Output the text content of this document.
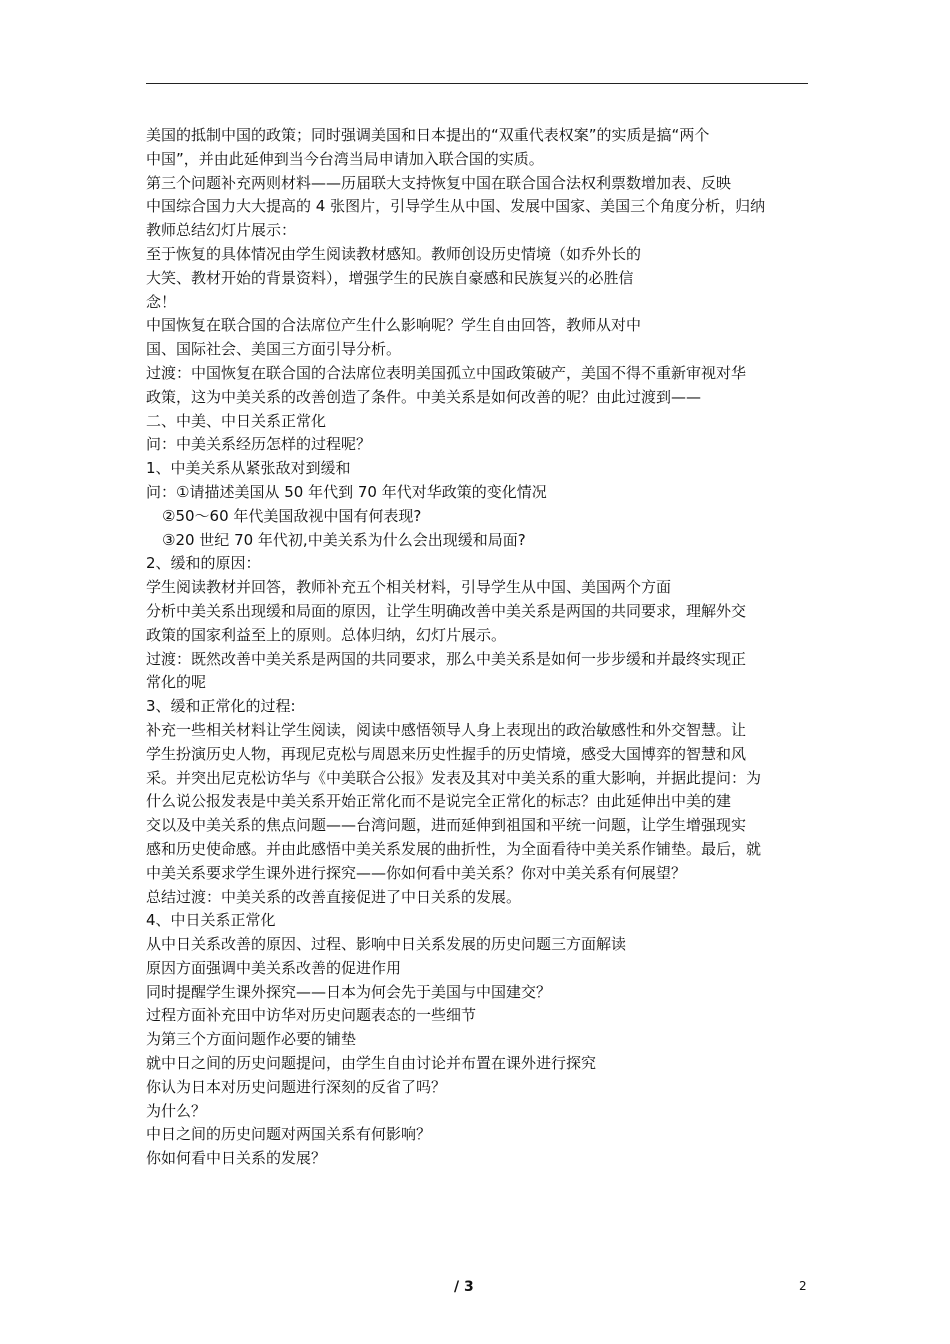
美国的抵制中国的政策；同时强调美国和日本提出的“双重代表权案”的实质是搞“两个
中国”，并由此延伸到当今台湾当局申请加入联合国的实质。
第三个问题补充两则材料——历届联大支持恢复中国在联合国合法权利票数增加表、反映
中国综合国力大大提高的 4 张图片，引导学生从中国、发展中国家、美国三个角度分析，归纳
教师总结幻灯片展示：
至于恢复的具体情况由学生阅读教材感知。教师创设历史情境（如乔外长的
大笑、教材开始的背景资料），增强学生的民族自豪感和民族复兴的必胜信
念！
中国恢复在联合国的合法席位产生什么影响呢？学生自由回答，教师从对中
国、国际社会、美国三方面引导分析。
过渡：中国恢复在联合国的合法席位表明美国孤立中国政策破产，美国不得不重新审视对华
政策，这为中美关系的改善创造了条件。中美关系是如何改善的呢？由此过渡到——
二、中美、中日关系正常化
问：中美关系经历怎样的过程呢？
1、中美关系从紧张敌对到缓和
问：①请描述美国从 50 年代到 70 年代对华政策的变化情况
②50～60 年代美国敌视中国有何表现?
③20 世纪 70 年代初,中美关系为什么会出现缓和局面?
2、缓和的原因：
学生阅读教材并回答，教师补充五个相关材料，引导学生从中国、美国两个方面
分析中美关系出现缓和局面的原因，让学生明确改善中美关系是两国的共同要求，理解外交
政策的国家利益至上的原则。总体归纳，幻灯片展示。
过渡：既然改善中美关系是两国的共同要求，那么中美关系是如何一步步缓和并最终实现正
常化的呢
3、缓和正常化的过程:
补充一些相关材料让学生阅读，阅读中感悟领导人身上表现出的政治敏感性和外交智慧。让
学生扮演历史人物，再现尼克松与周恩来历史性握手的历史情境，感受大国博弈的智慧和风
采。并突出尼克松访华与《中美联合公报》发表及其对中美关系的重大影响，并据此提问：为
什么说公报发表是中美关系开始正常化而不是说完全正常化的标志？由此延伸出中美的建
交以及中美关系的焦点问题——台湾问题，进而延伸到祖国和平统一问题，让学生增强现实
感和历史使命感。并由此感悟中美关系发展的曲折性，为全面看待中美关系作铺垫。最后，就
中美关系要求学生课外进行探究——你如何看中美关系？你对中美关系有何展望？
总结过渡：中美关系的改善直接促进了中日关系的发展。
4、中日关系正常化
从中日关系改善的原因、过程、影响中日关系发展的历史问题三方面解读
原因方面强调中美关系改善的促进作用
同时提醒学生课外探究——日本为何会先于美国与中国建交？
过程方面补充田中访华对历史问题表态的一些细节
为第三个方面问题作必要的铺垫
就中日之间的历史问题提问，由学生自由讨论并布置在课外进行探究
你认为日本对历史问题进行深刻的反省了吗？
为什么？
中日之间的历史问题对两国关系有何影响？
你如何看中日关系的发展？
/ 3	2
